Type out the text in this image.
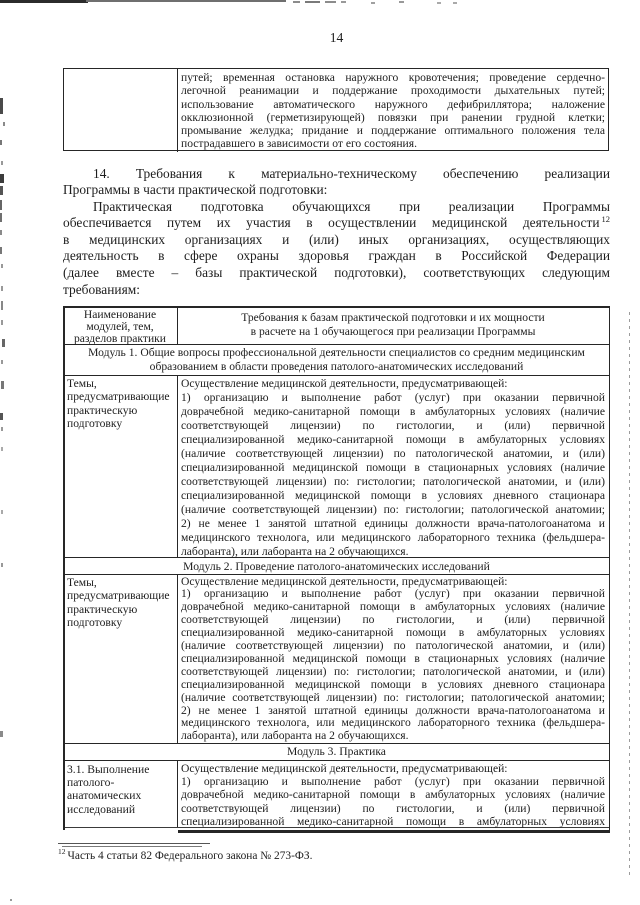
14
путей; временная остановка наружного кровотечения; проведение сердечно-
легочной реанимации и поддержание проходимости дыхательных путей;
использование автоматического наружного дефибриллятора; наложение
окклюзионной (герметизирующей) повязки при ранении грудной клетки;
промывание желудка; придание и поддержание оптимального положения тела
пострадавшего в зависимости от его состояния.
14. Требования к материально-техническому обеспечению реализации
Программы в части практической подготовки:
Практическая подготовка обучающихся при реализации Программы
обеспечивается путем их участия в осуществлении медицинской деятельности $^{12}$
в медицинских организациях и (или) иных организациях, осуществляющих
деятельность в сфере охраны здоровья граждан в Российской Федерации
(далее вместе – базы практической подготовки), соответствующих следующим
требованиям:
Наименование модулей, тем, разделов практики
Требования к базам практической подготовки и их мощности
в расчете на 1 обучающегося при реализации Программы
Модуль 1. Общие вопросы профессиональной деятельности специалистов со средним медицинским
образованием в области проведения патолого-анатомических исследований
Темы, предусматривающие практическую подготовку
Осуществление медицинской деятельности, предусматривающей:
1) организацию и выполнение работ (услуг) при оказании первичной
доврачебной медико-санитарной помощи в амбулаторных условиях (наличие
соответствующей лицензии) по гистологии, и (или) первичной
специализированной медико-санитарной помощи в амбулаторных условиях
(наличие соответствующей лицензии) по патологической анатомии, и (или)
специализированной медицинской помощи в стационарных условиях (наличие
соответствующей лицензии) по: гистологии; патологической анатомии, и (или)
специализированной медицинской помощи в условиях дневного стационара
(наличие соответствующей лицензии) по: гистологии; патологической анатомии;
2) не менее 1 занятой штатной единицы должности врача-патологоанатома и
медицинского технолога, или медицинского лабораторного техника (фельдшера-
лаборанта), или лаборанта на 2 обучающихся.
Модуль 2. Проведение патолого-анатомических исследований
Темы, предусматривающие практическую подготовку
Осуществление медицинской деятельности, предусматривающей:
1) организацию и выполнение работ (услуг) при оказании первичной
доврачебной медико-санитарной помощи в амбулаторных условиях (наличие
соответствующей лицензии) по гистологии, и (или) первичной
специализированной медико-санитарной помощи в амбулаторных условиях
(наличие соответствующей лицензии) по патологической анатомии, и (или)
специализированной медицинской помощи в стационарных условиях (наличие
соответствующей лицензии) по: гистологии; патологической анатомии, и (или)
специализированной медицинской помощи в условиях дневного стационара
(наличие соответствующей лицензии) по: гистологии; патологической анатомии;
2) не менее 1 занятой штатной единицы должности врача-патологоанатома и
медицинского технолога, или медицинского лабораторного техника (фельдшера-
лаборанта), или лаборанта на 2 обучающихся.
Модуль 3. Практика
3.1. Выполнение патолого-анатомических исследований
Осуществление медицинской деятельности, предусматривающей:
1) организацию и выполнение работ (услуг) при оказании первичной
доврачебной медико-санитарной помощи в амбулаторных условиях (наличие
соответствующей лицензии) по гистологии, и (или) первичной
специализированной медико-санитарной помощи в амбулаторных условиях
$^{12}$ Часть 4 статьи 82 Федерального закона № 273-ФЗ.
